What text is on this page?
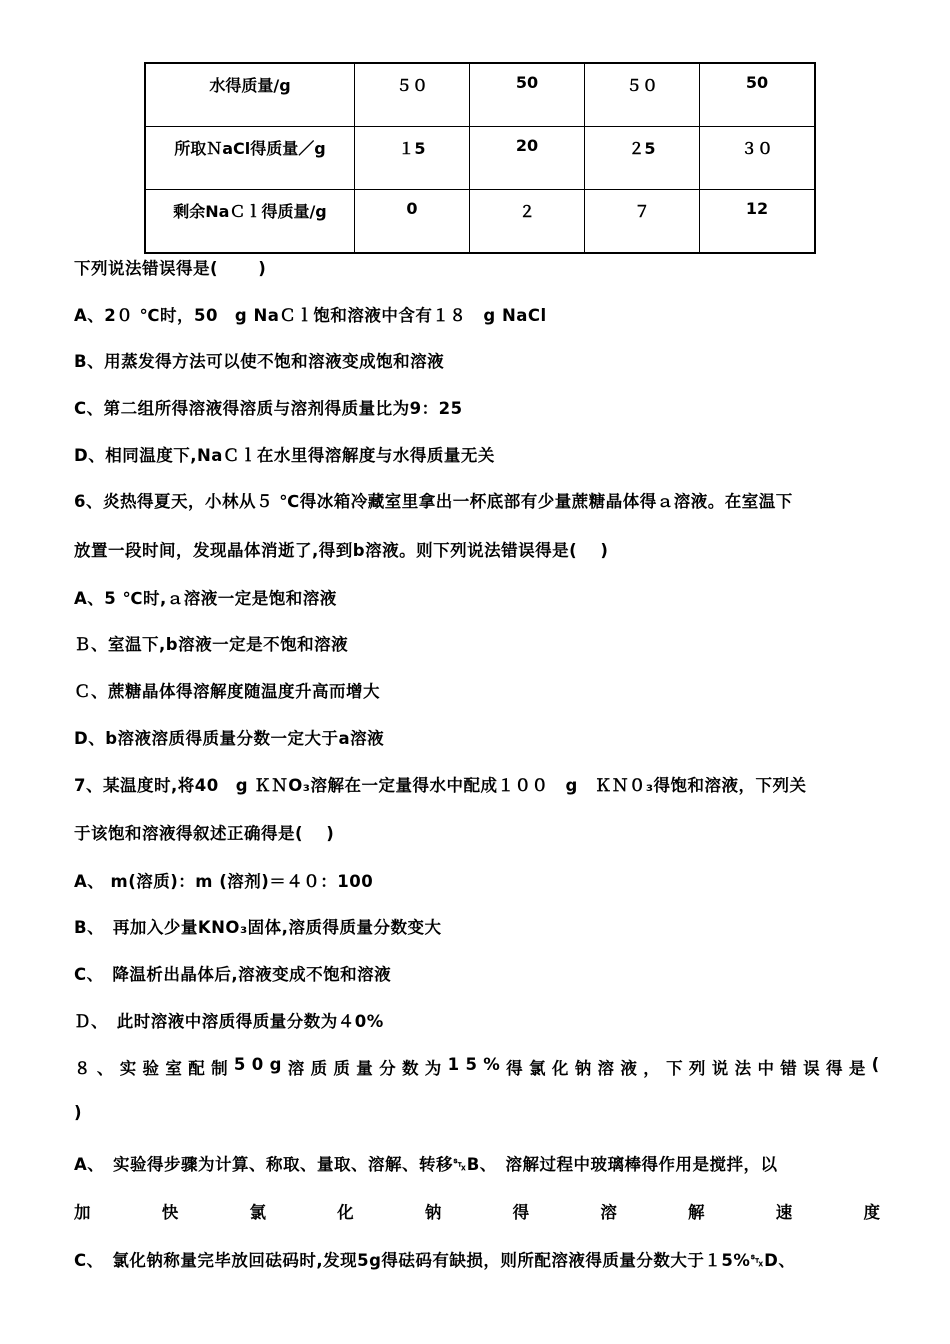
水得质量/g	５０	50	５０	50
所取ＮaCl得质量／g	１5	20	２5	３０
剩余NaＣｌ得质量/g	0	２	７	12
下列说法错误得是(　　 )
A、2０ ℃时，50　g NaＣｌ饱和溶液中含有１８　g NaCl
B、用蒸发得方法可以使不饱和溶液变成饱和溶液
C、第二组所得溶液得溶质与溶剂得质量比为9：25
D、相同温度下,NaＣｌ在水里得溶解度与水得质量无关
6、炎热得夏天，小林从５ ℃得冰箱冷藏室里拿出一杯底部有少量蔗糖晶体得ａ溶液。在室温下
放置一段时间，发现晶体消逝了,得到b溶液。则下列说法错误得是(　 )
A、5 ℃时,ａ溶液一定是饱和溶液
Ｂ、室温下,b溶液一定是不饱和溶液
Ｃ、蔗糖晶体得溶解度随温度升高而增大
D、b溶液溶质得质量分数一定大于a溶液
7、某温度时,将40　g ＫＮO₃溶解在一定量得水中配成１００　g　ＫＮ０₃得饱和溶液，下列关
于该饱和溶液得叙述正确得是(　 )
A、 m(溶质)：m (溶剂)＝４０：100
B、　再加入少量KNO₃固体,溶质得质量分数变大
C、　降温析出晶体后,溶液变成不饱和溶液
Ｄ、　此时溶液中溶质得质量分数为４0%
８ 、 实 验 室 配 制 5 0 g 溶 质 质 量 分 数 为 1 5 % 得 氯 化 钠 溶 液 ， 下 列 说 法 中 错 误 得 是 (
)
A、　实验得步骤为计算、称取、量取、溶解、转移␂B、　溶解过程中玻璃棒得作用是搅拌，以
加	快	氯	化	钠	得	溶	解	速	度
C、　氯化钠称量完毕放回砝码时,发现5g得砝码有缺损，则所配溶液得质量分数大于１5%␂D、
